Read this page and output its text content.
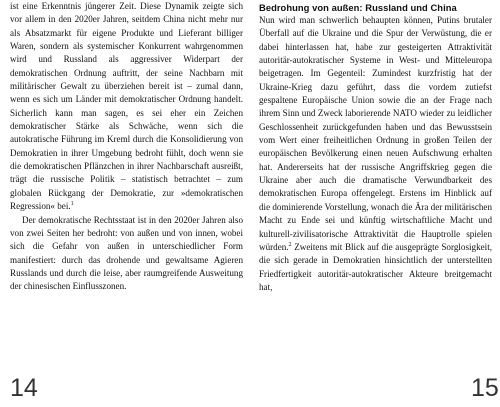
ist eine Erkenntnis jüngerer Zeit. Diese Dynamik zeigte sich vor allem in den 2020er Jahren, seitdem China nicht mehr nur als Absatzmarkt für eigene Produkte und Lieferant billiger Waren, sondern als systemischer Konkurrent wahrgenommen wird und Russland als aggressiver Widerpart der demokratischen Ordnung auftritt, der seine Nachbarn mit militärischer Gewalt zu überziehen bereit ist – zumal dann, wenn es sich um Länder mit demokratischer Ordnung handelt. Sicherlich kann man sagen, es sei eher ein Zeichen demokratischer Stärke als Schwäche, wenn sich die autokratische Führung im Kreml durch die Konsolidierung von Demokratien in ihrer Umgebung bedroht fühlt, doch wenn sie die demokratischen Pflänzchen in ihrer Nachbarschaft ausreißt, trägt die russische Politik – statistisch betrachtet – zum globalen Rückgang der Demokratie, zur »demokratischen Regression« bei.$^1$

Der demokratische Rechtsstaat ist in den 2020er Jahren also von zwei Seiten her bedroht: von außen und von innen, wobei sich die Gefahr von außen in unterschiedlicher Form manifestiert: durch das drohende und gewaltsame Agieren Russlands und durch die leise, aber raumgreifende Ausweitung der chinesischen Einflusszonen.

14
Bedrohung von außen: Russland und China

Nun wird man schwerlich behaupten können, Putins brutaler Überfall auf die Ukraine und die Spur der Verwüstung, die er dabei hinterlassen hat, habe zur gesteigerten Attraktivität autoritär-autokratischer Systeme in West- und Mitteleuropa beigetragen. Im Gegenteil: Zumindest kurzfristig hat der Ukraine-Krieg dazu geführt, dass die vordem zutiefst gespaltene Europäische Union sowie die an der Frage nach ihrem Sinn und Zweck laborierende NATO wieder zu leidlicher Geschlossenheit zurückgefunden haben und das Bewusstsein vom Wert einer freiheitlichen Ordnung in großen Teilen der europäischen Bevölkerung einen neuen Aufschwung erhalten hat. Andererseits hat der russische Angriffskrieg gegen die Ukraine aber auch die dramatische Verwundbarkeit des demokratischen Europa offengelegt. Erstens im Hinblick auf die dominierende Vorstellung, wonach die Ära der militärischen Macht zu Ende sei und künftig wirtschaftliche Macht und kulturell-zivilisatorische Attraktivität die Hauptrolle spielen würden.$^2$ Zweitens mit Blick auf die ausgeprägte Sorglosigkeit, die sich gerade in Demokratien hinsichtlich der unterstellten Friedfertigkeit autoritär-autokratischer Akteure breitgemacht hat,

15
